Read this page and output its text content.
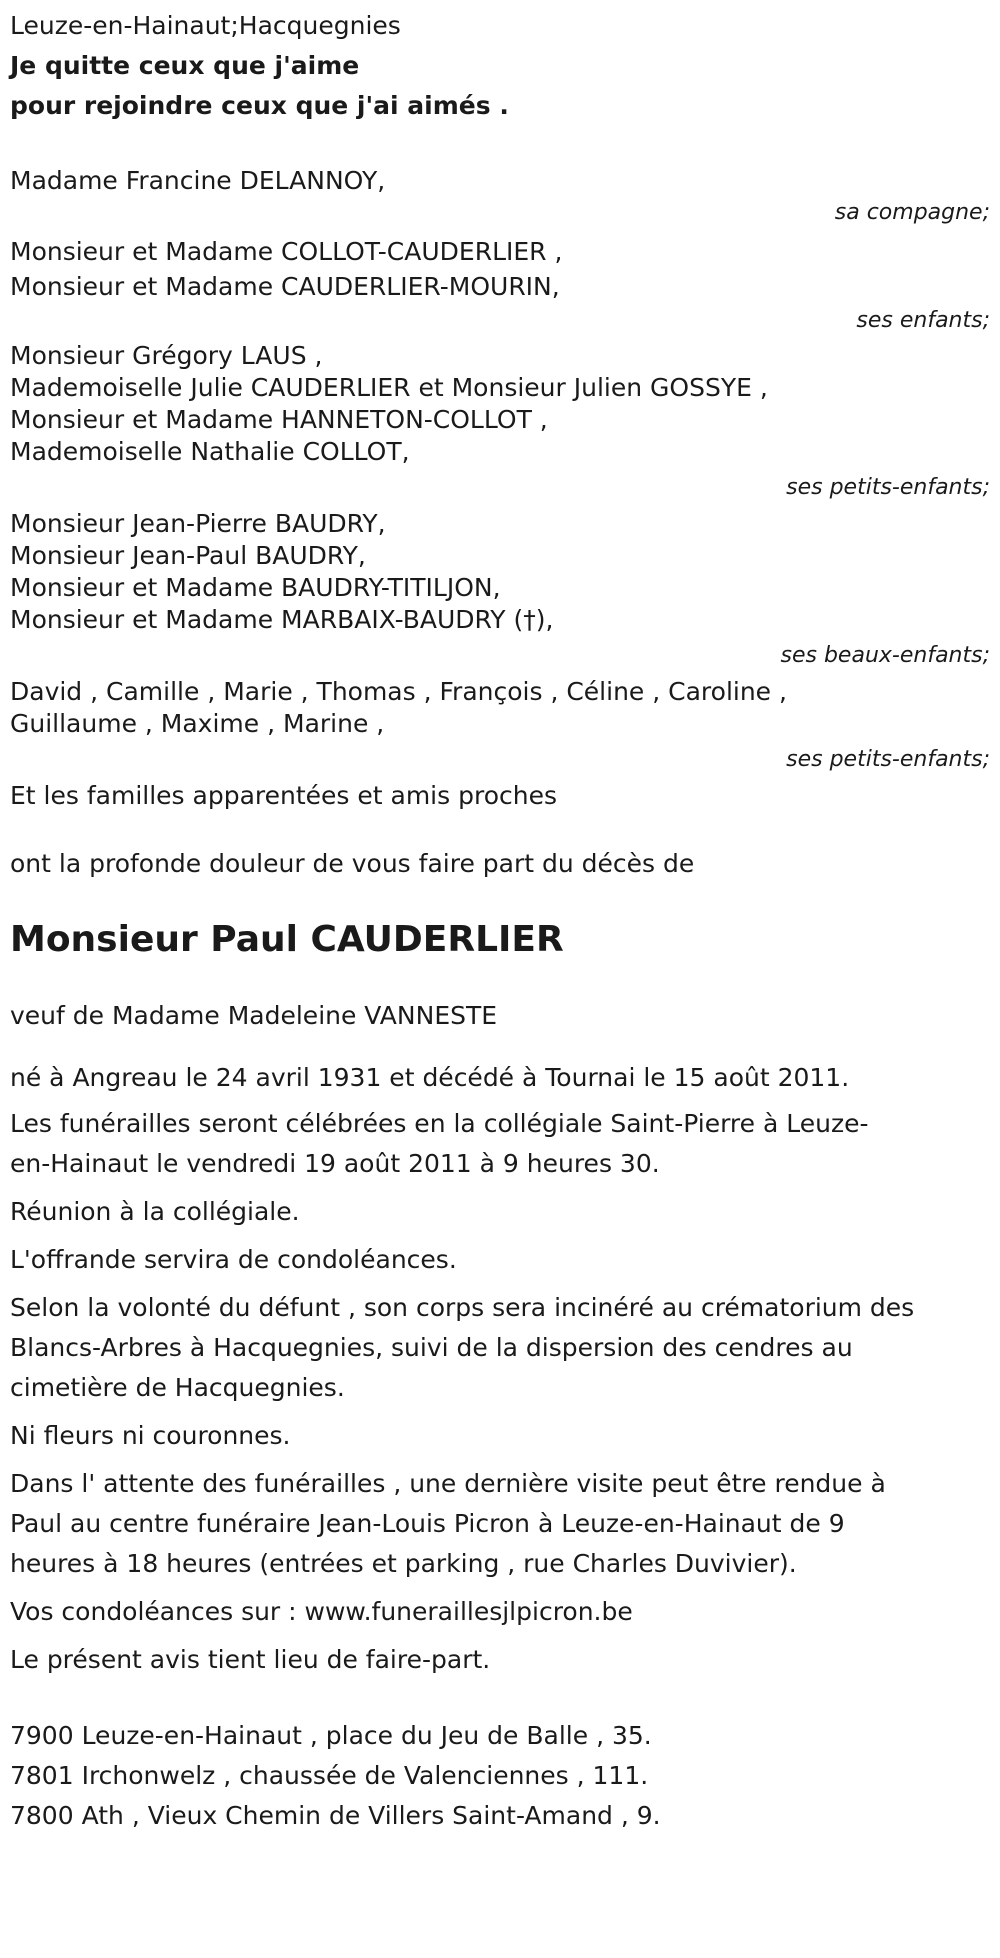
Leuze-en-Hainaut;Hacquegnies
Je quitte ceux que j'aime
pour rejoindre ceux que j'ai aimés .
Madame Francine DELANNOY,
sa compagne;
Monsieur et Madame COLLOT-CAUDERLIER ,
Monsieur et Madame CAUDERLIER-MOURIN,
ses enfants;
Monsieur Grégory LAUS ,
Mademoiselle Julie CAUDERLIER et Monsieur Julien GOSSYE ,
Monsieur et Madame HANNETON-COLLOT ,
Mademoiselle Nathalie COLLOT,
ses petits-enfants;
Monsieur Jean-Pierre BAUDRY,
Monsieur Jean-Paul BAUDRY,
Monsieur et Madame BAUDRY-TITILJON,
Monsieur et Madame MARBAIX-BAUDRY (†),
ses beaux-enfants;
David , Camille , Marie , Thomas , François , Céline , Caroline ,
Guillaume , Maxime , Marine ,
ses petits-enfants;
Et les familles apparentées et amis proches
ont la profonde douleur de vous faire part du décès de
Monsieur Paul CAUDERLIER
veuf de Madame Madeleine VANNESTE
né à Angreau le 24 avril 1931 et décédé à Tournai le 15 août 2011.
Les funérailles seront célébrées en la collégiale Saint-Pierre à Leuze-
en-Hainaut le vendredi 19 août 2011 à 9 heures 30.
Réunion à la collégiale.
L'offrande servira de condoléances.
Selon la volonté du défunt , son corps sera incinéré au crématorium des
Blancs-Arbres à Hacquegnies, suivi de la dispersion des cendres au
cimetière de Hacquegnies.
Ni fleurs ni couronnes.
Dans l' attente des funérailles , une dernière visite peut être rendue à
Paul au centre funéraire Jean-Louis Picron à Leuze-en-Hainaut de 9
heures à 18 heures (entrées et parking , rue Charles Duvivier).
Vos condoléances sur : www.funeraillesjlpicron.be
Le présent avis tient lieu de faire-part.
7900 Leuze-en-Hainaut , place du Jeu de Balle , 35.
7801 Irchonwelz , chaussée de Valenciennes , 111.
7800 Ath , Vieux Chemin de Villers Saint-Amand , 9.
